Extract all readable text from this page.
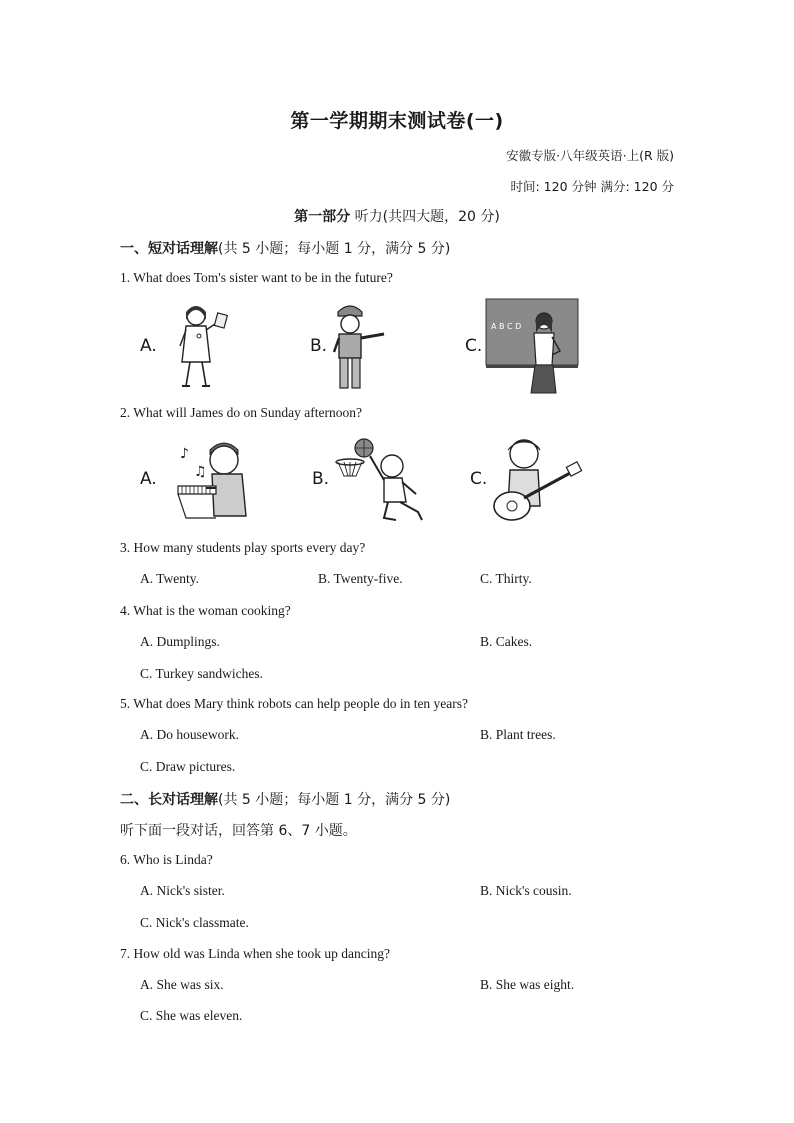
第一学期期末测试卷(一)
安徽专版·八年级英语·上(R 版)
时间: 120 分钟 满分: 120 分
第一部分 听力(共四大题，20 分)
一、短对话理解(共 5 小题；每小题 1 分，满分 5 分)
1. What does Tom's sister want to be in the future?
A.	B.	C.
A B C D
2. What will James do on Sunday afternoon?
A.	B.	C.
♪
♫
3. How many students play sports every day?
A. Twenty.	B. Twenty-five.	C. Thirty.
4. What is the woman cooking?
A. Dumplings.	B. Cakes.
C. Turkey sandwiches.
5. What does Mary think robots can help people do in ten years?
A. Do housework.	B. Plant trees.
C. Draw pictures.
二、长对话理解(共 5 小题；每小题 1 分，满分 5 分)
听下面一段对话，回答第 6、7 小题。
6. Who is Linda?
A. Nick's sister.	B. Nick's cousin.
C. Nick's classmate.
7. How old was Linda when she took up dancing?
A. She was six.	B. She was eight.
C. She was eleven.
